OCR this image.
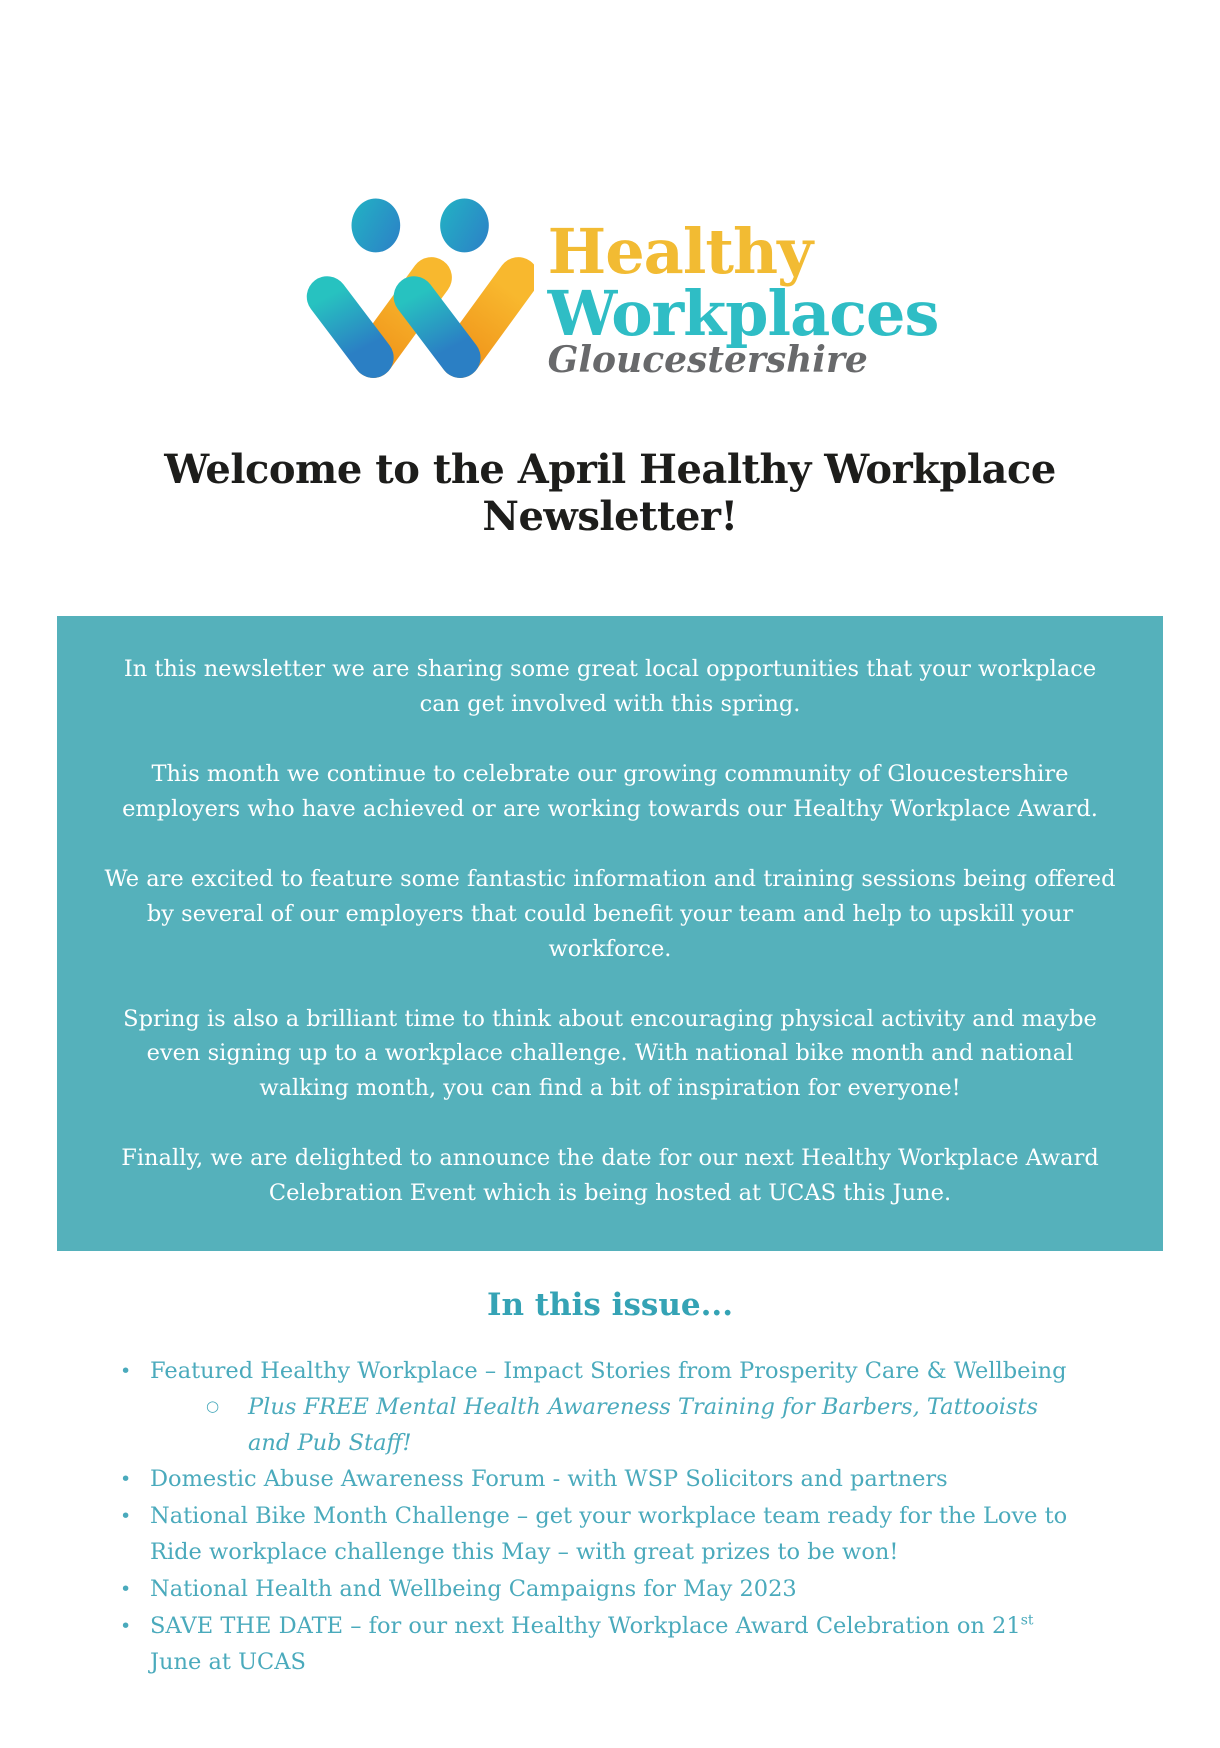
Healthy
Workplaces
Gloucestershire
Welcome to the April Healthy Workplace Newsletter!

In this newsletter we are sharing some great local opportunities that your workplace can get involved with this spring.

This month we continue to celebrate our growing community of Gloucestershire employers who have achieved or are working towards our Healthy Workplace Award.

We are excited to feature some fantastic information and training sessions being offered by several of our employers that could benefit your team and help to upskill your workforce.

Spring is also a brilliant time to think about encouraging physical activity and maybe even signing up to a workplace challenge. With national bike month and national walking month, you can find a bit of inspiration for everyone!

Finally, we are delighted to announce the date for our next Healthy Workplace Award Celebration Event which is being hosted at UCAS this June.

In this issue...
• Featured Healthy Workplace – Impact Stories from Prosperity Care & Wellbeing
○	Plus FREE Mental Health Awareness Training for Barbers, Tattooists and Pub Staff!
• Domestic Abuse Awareness Forum - with WSP Solicitors and partners
• National Bike Month Challenge – get your workplace team ready for the Love to Ride workplace challenge this May – with great prizes to be won!
• National Health and Wellbeing Campaigns for May 2023
• SAVE THE DATE – for our next Healthy Workplace Award Celebration on 21st June at UCAS
